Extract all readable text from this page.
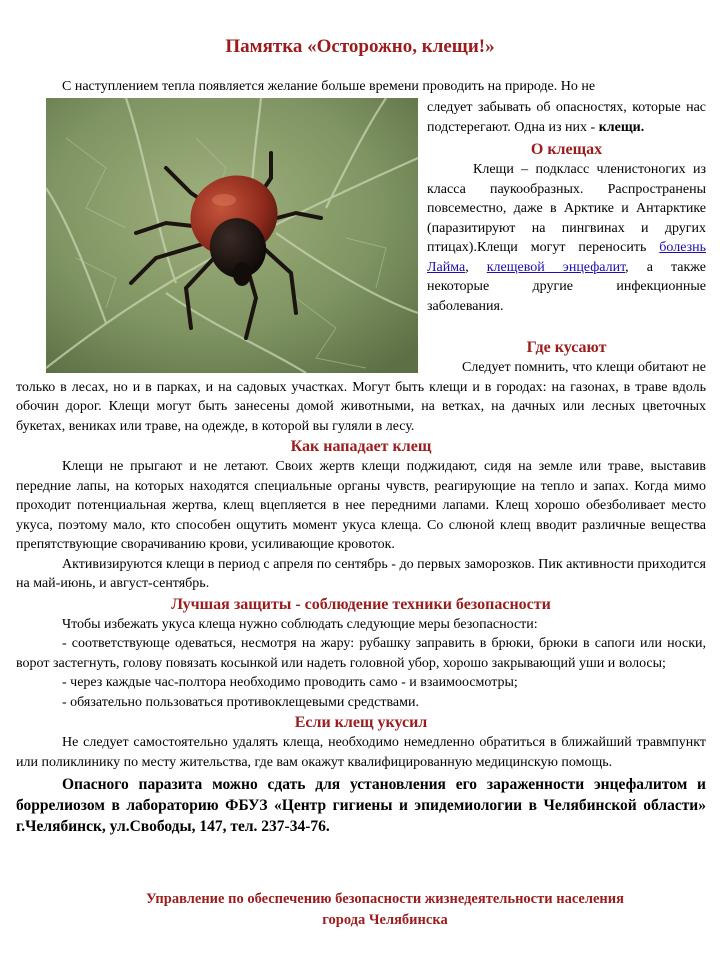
Памятка «Осторожно, клещи!»

С наступлением тепла появляется желание больше времени проводить на природе. Но не

следует забывать об опасностях, которые нас подстерегают. Одна из них - клещи.

О клещах

Клещи – подкласс членистоногих из класса паукообразных. Распространены повсеместно, даже в Арктике и Антарктике (паразитируют на пингвинах и других птицах).Клещи могут переносить болезнь Лайма, клещевой энцефалит, а также некоторые другие инфекционные заболевания.

Где кусают

Следует помнить, что клещи обитают не только в лесах, но и в парках, и на садовых участках. Могут быть клещи и в городах: на газонах, в траве вдоль обочин дорог. Клещи могут быть занесены домой животными, на ветках, на дачных или лесных цветочных букетах, вениках или траве, на одежде, в которой вы гуляли в лесу.

Как нападает клещ

Клещи не прыгают и не летают. Своих жертв клещи поджидают, сидя на земле или траве, выставив передние лапы, на которых находятся специальные органы чувств, реагирующие на тепло и запах. Когда мимо проходит потенциальная жертва, клещ вцепляется в нее передними лапами. Клещ хорошо обезболивает место укуса, поэтому мало, кто способен ощутить момент укуса клеща. Со слюной клещ вводит различные вещества препятствующие сворачиванию крови, усиливающие кровоток.

Активизируются клещи в период с апреля по сентябрь - до первых заморозков. Пик активности приходится на май-июнь, и август-сентябрь.

Лучшая защиты - соблюдение техники безопасности

Чтобы избежать укуса клеща нужно соблюдать следующие меры безопасности:

- соответствующе одеваться, несмотря на жару: рубашку заправить в брюки, брюки в сапоги или носки, ворот застегнуть, голову повязать косынкой или надеть головной убор, хорошо закрывающий уши и волосы;

- через каждые час-полтора необходимо проводить само - и взаимоосмотры;

- обязательно пользоваться противоклещевыми средствами.

Если клещ укусил

Не следует самостоятельно удалять клеща, необходимо немедленно обратиться в ближайший травмпункт или поликлинику по месту жительства, где вам окажут квалифицированную медицинскую помощь.

Опасного паразита можно сдать для установления его зараженности энцефалитом и боррелиозом в лабораторию ФБУЗ «Центр гигиены и эпидемиологии в Челябинской области» г.Челябинск, ул.Свободы, 147, тел. 237-34-76.

Управление по обеспечению безопасности жизнедеятельности населения
города Челябинска
